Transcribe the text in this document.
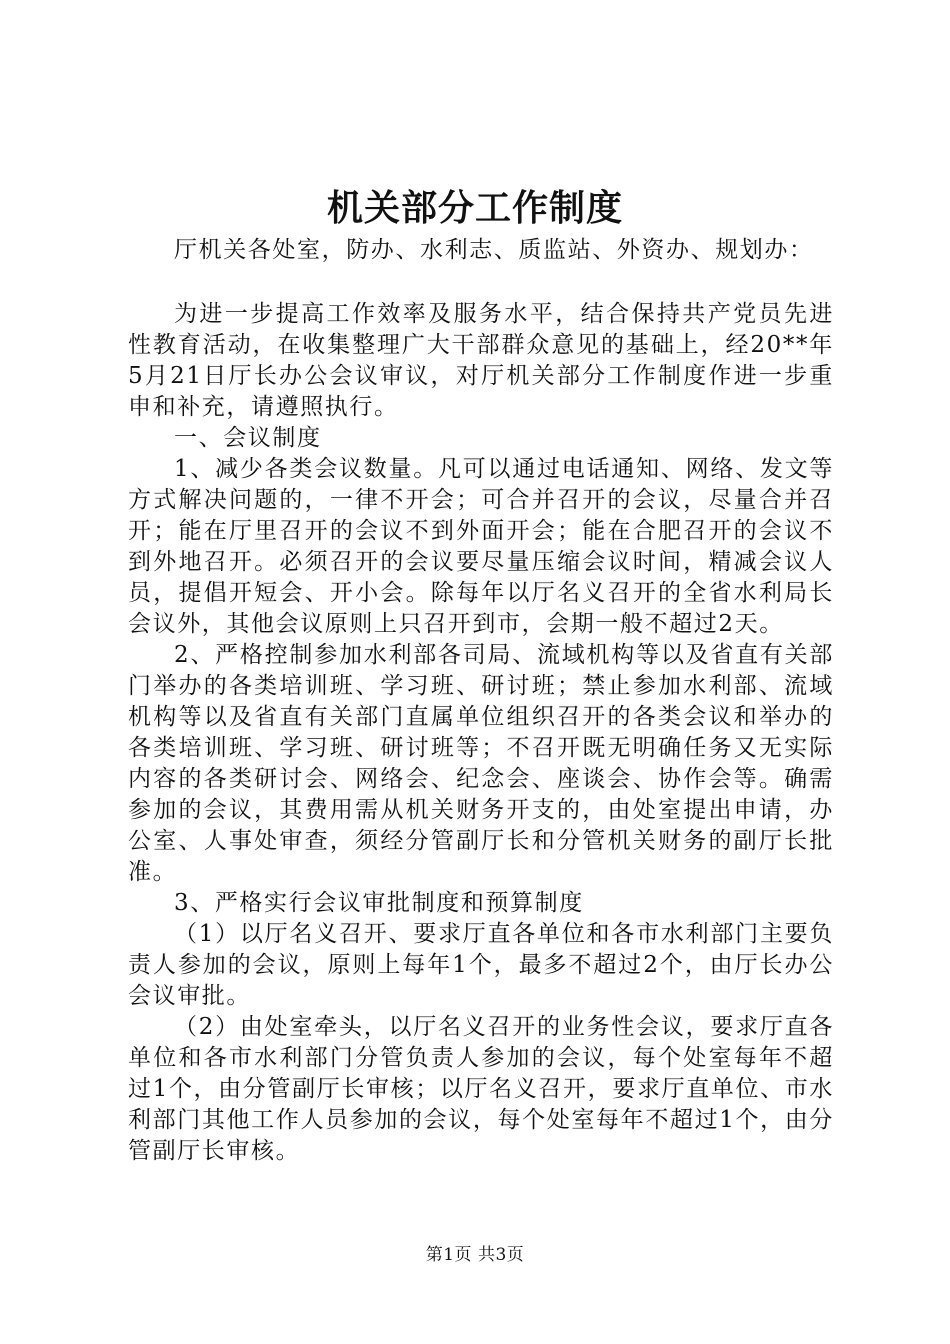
机关部分工作制度

厅机关各处室，防办、水利志、质监站、外资办、规划办：

为进一步提高工作效率及服务水平，结合保持共产党员先进性教育活动，在收集整理广大干部群众意见的基础上，经20**年5月21日厅长办公会议审议，对厅机关部分工作制度作进一步重申和补充，请遵照执行。

一、会议制度

1、减少各类会议数量。凡可以通过电话通知、网络、发文等方式解决问题的，一律不开会；可合并召开的会议，尽量合并召开；能在厅里召开的会议不到外面开会；能在合肥召开的会议不到外地召开。必须召开的会议要尽量压缩会议时间，精减会议人员，提倡开短会、开小会。除每年以厅名义召开的全省水利局长会议外，其他会议原则上只召开到市，会期一般不超过2天。

2、严格控制参加水利部各司局、流域机构等以及省直有关部门举办的各类培训班、学习班、研讨班；禁止参加水利部、流域机构等以及省直有关部门直属单位组织召开的各类会议和举办的各类培训班、学习班、研讨班等；不召开既无明确任务又无实际内容的各类研讨会、网络会、纪念会、座谈会、协作会等。确需参加的会议，其费用需从机关财务开支的，由处室提出申请，办公室、人事处审查，须经分管副厅长和分管机关财务的副厅长批准。

3、严格实行会议审批制度和预算制度

（1）以厅名义召开、要求厅直各单位和各市水利部门主要负责人参加的会议，原则上每年1个，最多不超过2个，由厅长办公会议审批。

（2）由处室牵头，以厅名义召开的业务性会议，要求厅直各单位和各市水利部门分管负责人参加的会议，每个处室每年不超过1个，由分管副厅长审核；以厅名义召开，要求厅直单位、市水利部门其他工作人员参加的会议，每个处室每年不超过1个，由分管副厅长审核。

第1页 共3页
